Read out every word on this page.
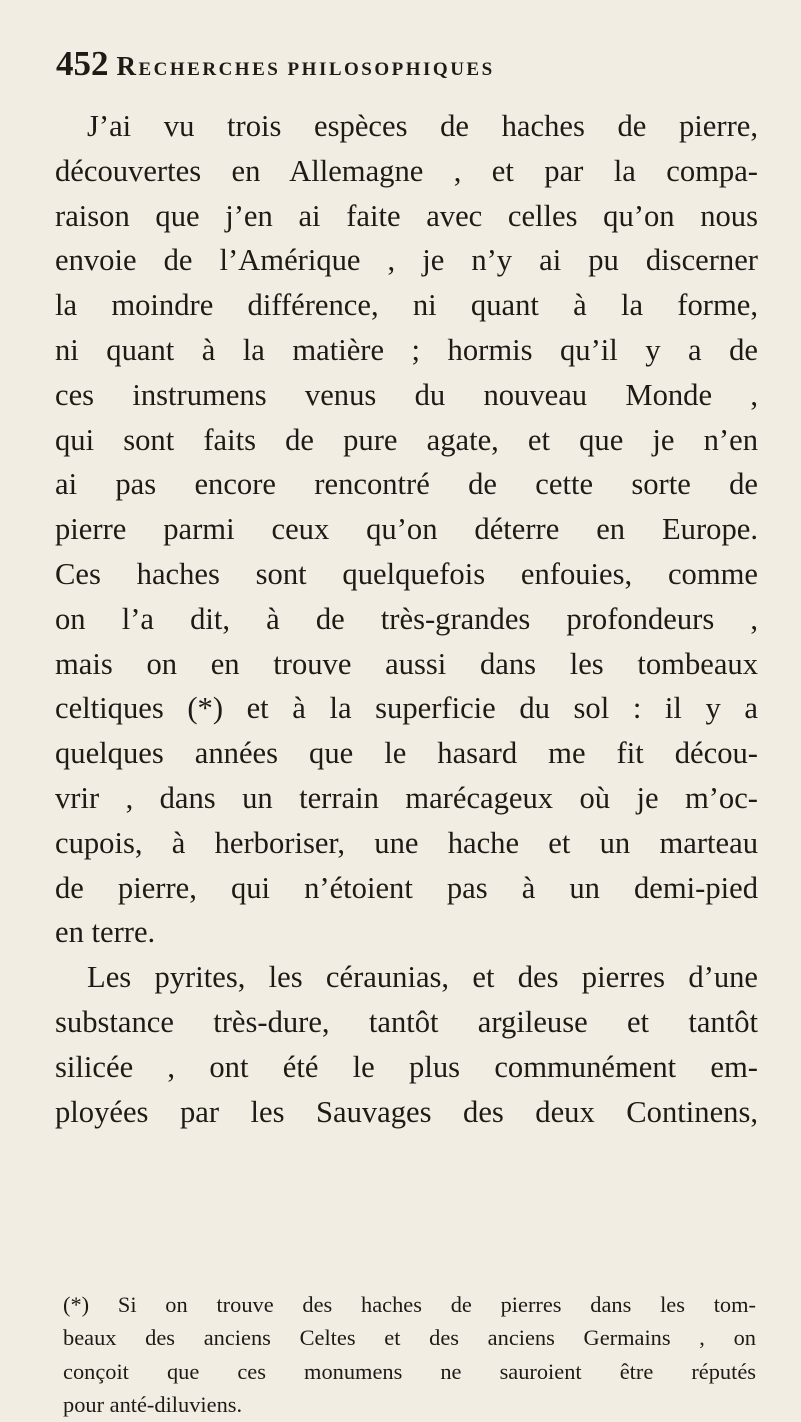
452 RECHERCHES PHILOSOPHIQUES
J’ai vu trois espèces de haches de pierre,
découvertes en Allemagne , et par la compa-
raison que j’en ai faite avec celles qu’on nous
envoie de l’Amérique , je n’y ai pu discerner
la moindre différence, ni quant à la forme,
ni quant à la matière ; hormis qu’il y a de
ces instrumens venus du nouveau Monde ,
qui sont faits de pure agate, et que je n’en
ai pas encore rencontré de cette sorte de
pierre parmi ceux qu’on déterre en Europe.
Ces haches sont quelquefois enfouies, comme
on l’a dit, à de très-grandes profondeurs ,
mais on en trouve aussi dans les tombeaux
celtiques (*) et à la superficie du sol : il y a
quelques années que le hasard me fit décou-
vrir , dans un terrain marécageux où je m’oc-
cupois, à herboriser, une hache et un marteau
de pierre, qui n’étoient pas à un demi-pied
en terre.
Les pyrites, les céraunias, et des pierres d’une
substance très-dure, tantôt argileuse et tantôt
silicée , ont été le plus communément em-
ployées par les Sauvages des deux Continens,
(*) Si on trouve des haches de pierres dans les tom-
beaux des anciens Celtes et des anciens Germains , on
conçoit que ces monumens ne sauroient être réputés
pour anté-diluviens.
